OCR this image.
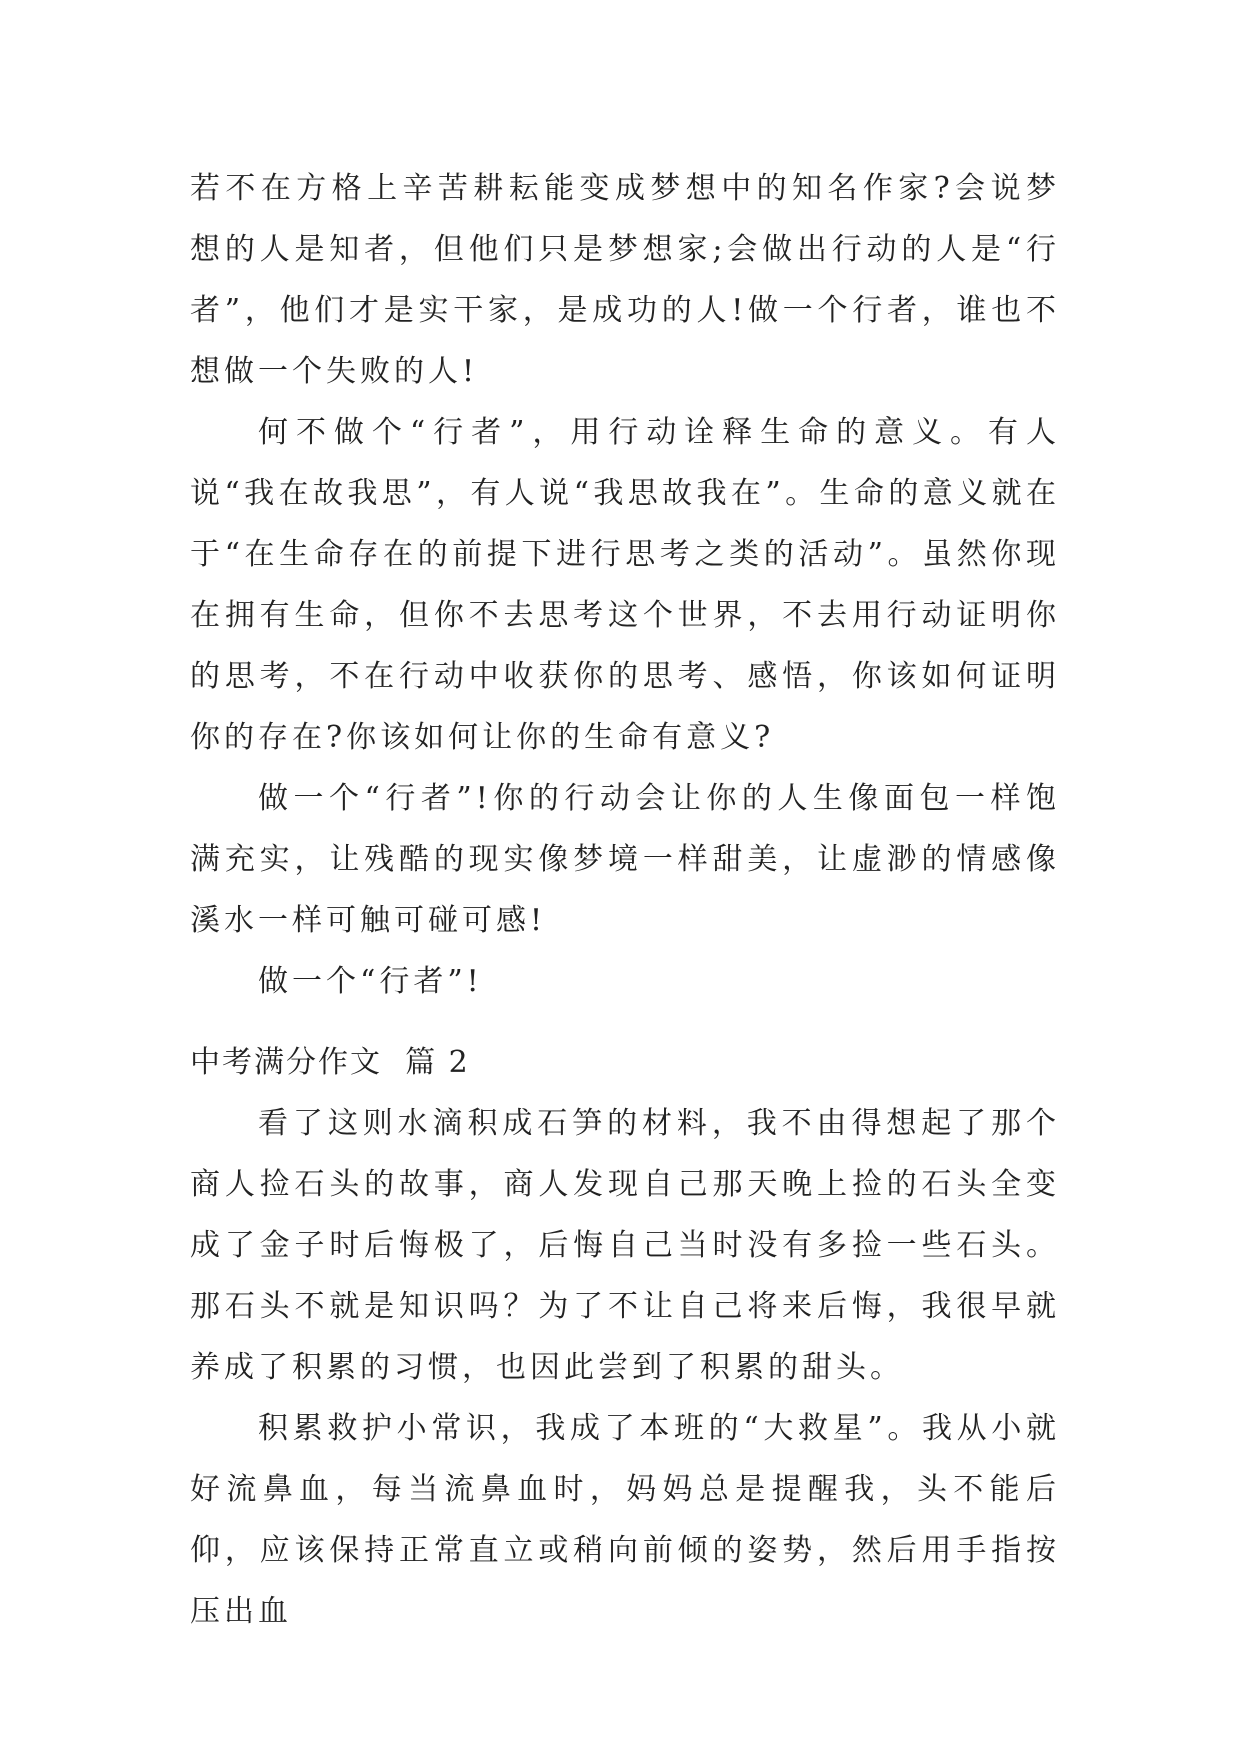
若不在方格上辛苦耕耘能变成梦想中的知名作家?会说梦想的人是知者，但他们只是梦想家;会做出行动的人是“行者”，他们才是实干家，是成功的人!做一个行者，谁也不想做一个失败的人!

何不做个“行者”，用行动诠释生命的意义。有人说“我在故我思”，有人说“我思故我在”。生命的意义就在于“在生命存在的前提下进行思考之类的活动”。虽然你现在拥有生命，但你不去思考这个世界，不去用行动证明你的思考，不在行动中收获你的思考、感悟，你该如何证明你的存在?你该如何让你的生命有意义?

做一个“行者”!你的行动会让你的人生像面包一样饱满充实，让残酷的现实像梦境一样甜美，让虚渺的情感像溪水一样可触可碰可感!

做一个“行者”!

中考满分作文  篇 2

看了这则水滴积成石笋的材料，我不由得想起了那个商人捡石头的故事，商人发现自己那天晚上捡的石头全变成了金子时后悔极了，后悔自己当时没有多捡一些石头。那石头不就是知识吗？为了不让自己将来后悔，我很早就养成了积累的习惯，也因此尝到了积累的甜头。

积累救护小常识，我成了本班的“大救星”。我从小就好流鼻血，每当流鼻血时，妈妈总是提醒我，头不能后仰，应该保持正常直立或稍向前倾的姿势，然后用手指按压出血
